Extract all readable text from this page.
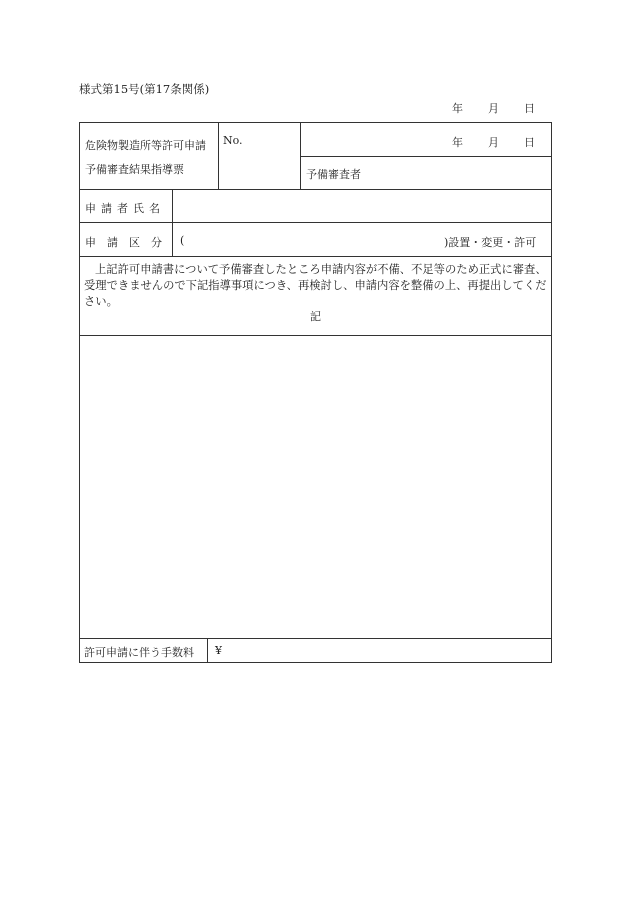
様式第15号(第17条関係)
年 月 日
危険物製造所等許可申請
予備審査結果指導票
No.	年 月 日
予備審査者
申請者氏名
申　請　区　分 (	)設置・変更・許可
上記許可申請書について予備審査したところ申請内容が不備、不足等のため正式に審査、受理できませんので下記指導事項につき、再検討し、申請内容を整備の上、再提出してください。
記
許可申請に伴う手数料 ¥
